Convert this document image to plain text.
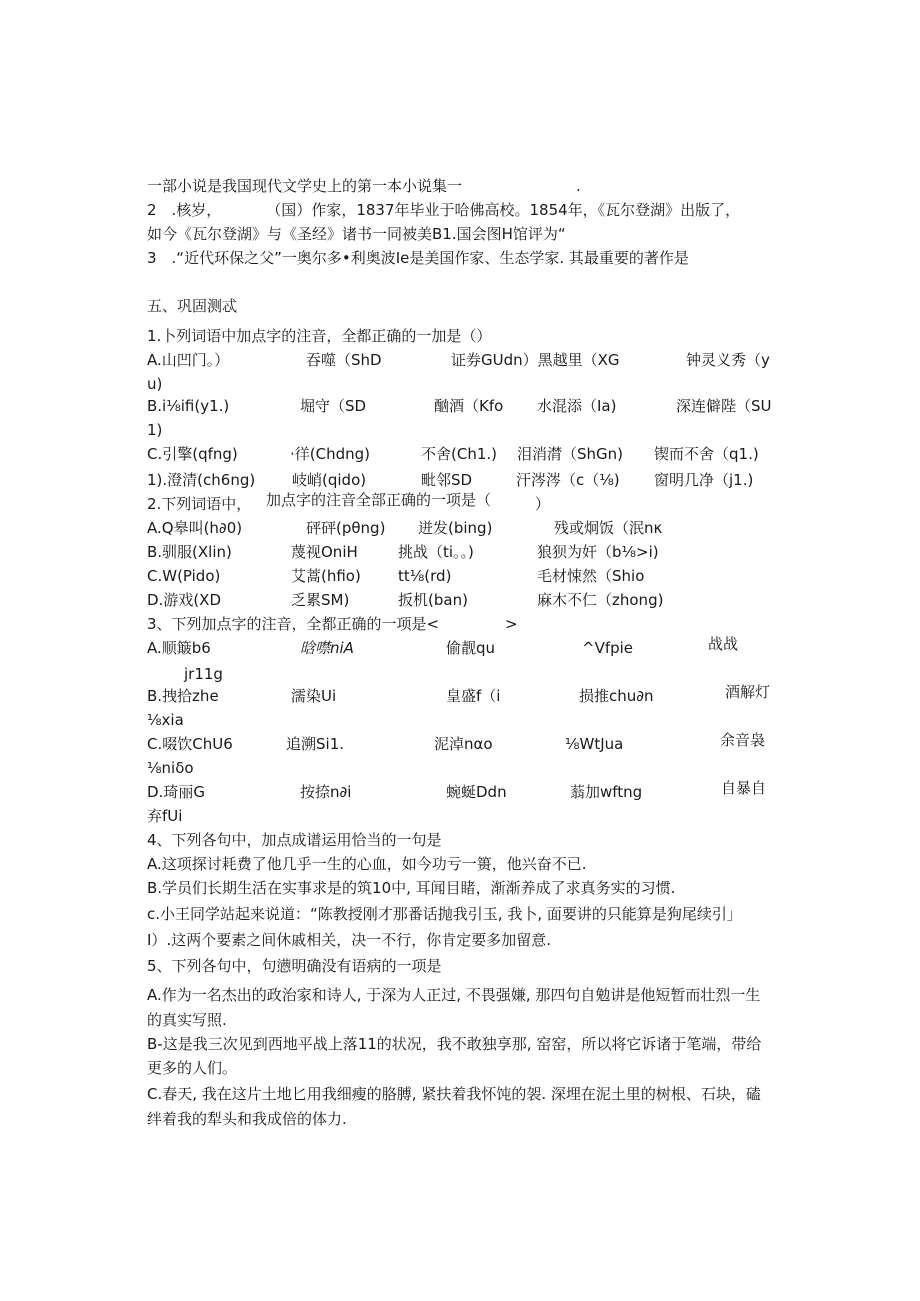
一部小说是我国现代文学史上的第一本小说集一	.
2　.核岁，　　　　（国）作家，1837年毕业于哈佛高校。1854年，《瓦尔登湖》出版了，
如今《瓦尔登湖》与《圣经》诸书一同被美B1.国会图H馆评为“
3　.“近代环保之父”一奥尔多•利奥波Ie是美国作家、生态学家. 其最重要的著作是
五、巩固测忒
1.卜列词语中加点字的注音，全都正确的一加是（）
A.山凹门。）	吞噬（ShD	证券GUdn）黑越里（XG	钟灵义秀（y
u)
B.i⅛ifi(y1.)	堀守（SD	酗酒（Kfo 水混添（Ia)	深连僻陛（SU
1)
C.引擎(qfng)	·徉(Chdng)	不舍(Ch1.) 泪消潸（ShGn) 锲而不舍（q1.)
1).澄清(ch6ng) 岐峭(qido)	毗邻SD	汗涔涔（c（⅛) 窗明几净（j1.)
2.下列词语中， 加点字的注音全部正确的一项是（	）
A.Q皋叫(h∂0)	砰砰(pθng) 迸发(bing)	残或炯饭（泯nκ
B.驯服(Xlin)	蔑视OniH	挑战（ti。。)	狼狈为奸（b⅛>i)
C.W(Pido)	艾蒿(hfio) tt⅛(rd)	毛材悚然（Shio
D.游戏(XD	乏累SM)	扳机(ban)	麻木不仁（zhong)
3、下列加点字的注音，全都正确的一项是<	>
A.顺簸b6	晗噤niA	偷靓qu	^Vfpie	战战
jr11g
B.拽拾zhe	濡染Ui	皇盛f（i	损推chu∂n	酒解灯
⅛xia
C.啜饮ChU6	追溯Si1.	泥淖nαo	⅛WtJua	余音袅
⅛niδo
D.琦丽G	按捺n∂i	蜿蜒Ddn	蓊加wftng	自暴自
弃fUi
4、下列各句中，加点成谱运用恰当的一句是
A.这项探讨耗费了他几乎一生的心血，如今功亏一篑，他兴奋不已.
B.学员们长期生活在实事求是的筑10中, 耳闻目睹，渐渐养成了求真务实的习惯.
c.小王同学站起来说道：“陈教授刚才那番话抛我引玉, 我卜, 面要讲的只能算是狗尾续引」
I）.这两个要素之间休戚相关，决一不行，你肯定要多加留意.
5、下列各句中，句懑明确没有语病的一项是
A.作为一名杰出的政治家和诗人, 于深为人正过, 不畏强嫌, 那四句自勉讲是他短暂而壮烈一生
的真实写照.
B-这是我三次见到西地平战上落11的状况，我不敢独享那, 窑窑，所以将它诉诸于笔端，带给
更多的人们。
C.春天, 我在这片土地匕用我细瘦的胳膊, 紧扶着我怀饨的袈. 深埋在泥土里的树根、石块，磕
绊着我的犁头和我成倍的体力.
